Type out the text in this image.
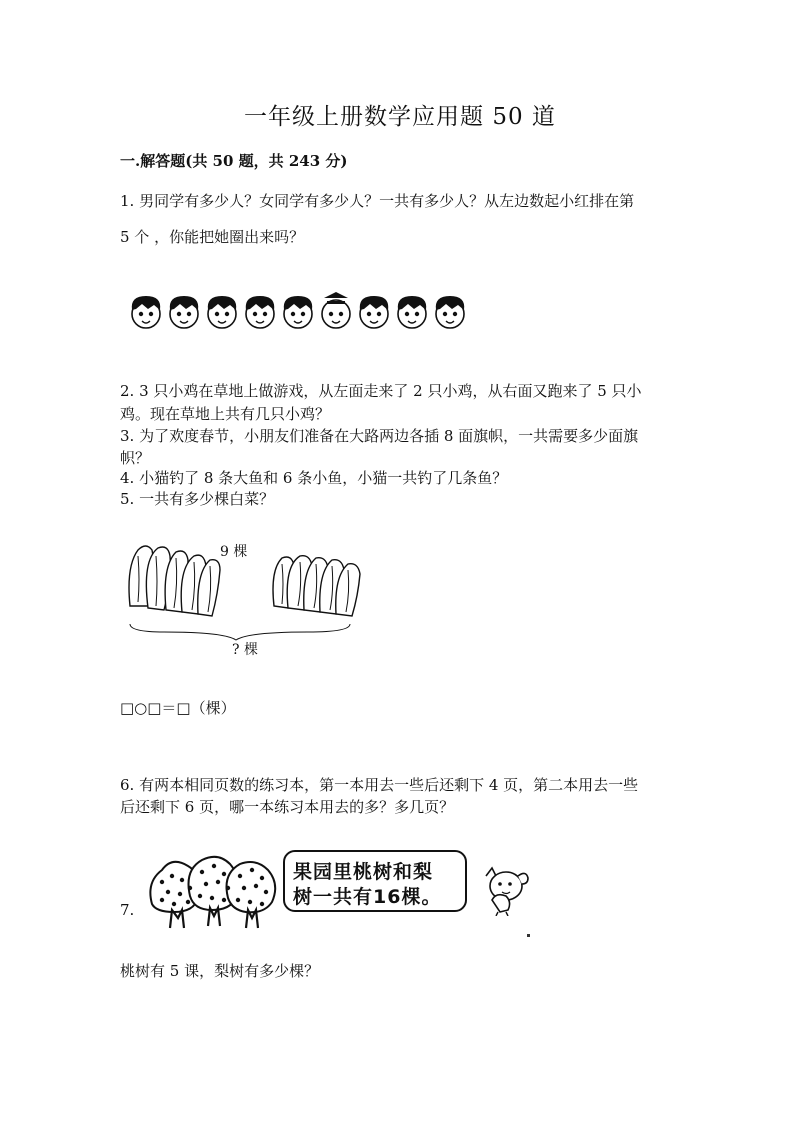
一年级上册数学应用题 50 道
一.解答题(共 50 题，共 243 分)
1. 男同学有多少人？女同学有多少人？一共有多少人？从左边数起小红排在第
5 个 ，你能把她圈出来吗？
2. 3 只小鸡在草地上做游戏，从左面走来了 2 只小鸡，从右面又跑来了 5 只小
鸡。现在草地上共有几只小鸡？
3. 为了欢度春节，小朋友们准备在大路两边各插 8 面旗帜，一共需要多少面旗
帜？
4. 小猫钓了 8 条大鱼和 6 条小鱼，小猫一共钓了几条鱼？
5. 一共有多少棵白菜？
9 棵
? 棵
□○□＝□（棵）
6. 有两本相同页数的练习本，第一本用去一些后还剩下 4 页，第二本用去一些
后还剩下 6 页，哪一本练习本用去的多？多几页？
7.
果园里桃树和梨
树一共有16棵。
桃树有 5 课，梨树有多少棵？
